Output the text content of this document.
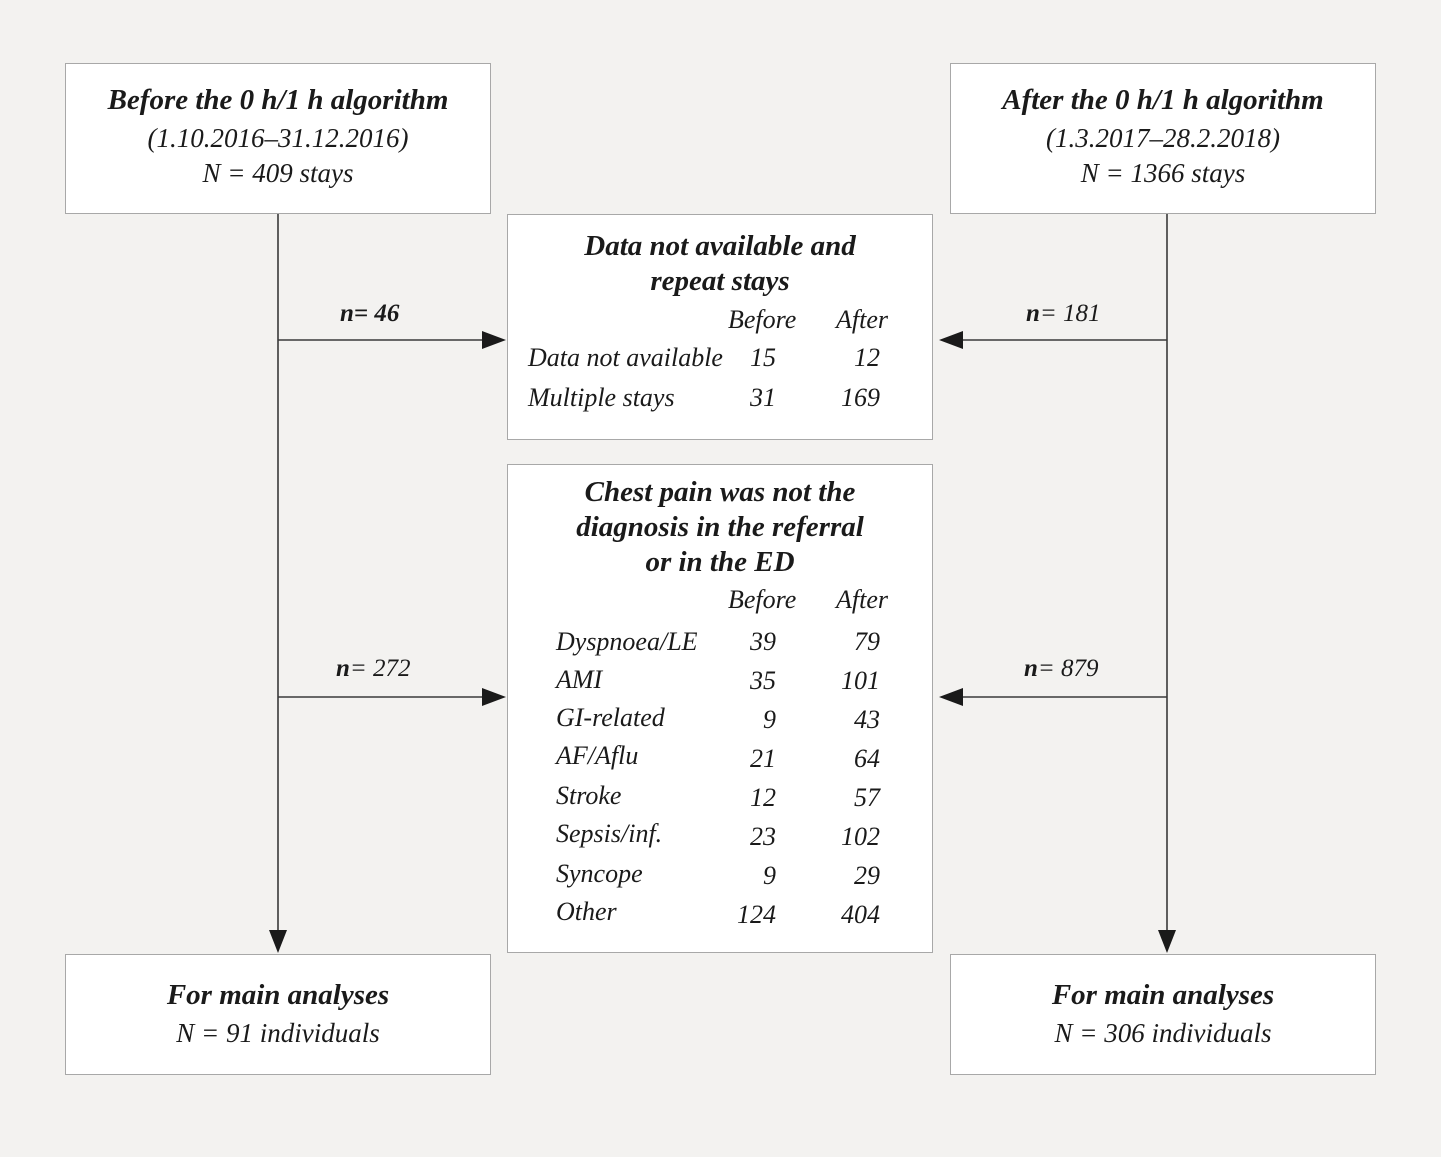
Before the 0 h/1 h algorithm
(1.10.2016–31.12.2016)
N = 409 stays
After the 0 h/1 h algorithm
(1.3.2017–28.2.2018)
N = 1366 stays
Data not available and
repeat stays
Before After
Data not available	15	12
Multiple stays	31	169
n= 46	n= 181
Chest pain was not the
diagnosis in the referral
or in the ED
Before After
Dyspnoea/LE	39	79
AMI	35	101
GI-related	9	43
AF/Aflu	21	64
Stroke	12	57
Sepsis/inf.	23	102
Syncope	9	29
Other	124	404
n= 272	n= 879
For main analyses
N = 91 individuals
For main analyses
N = 306 individuals
